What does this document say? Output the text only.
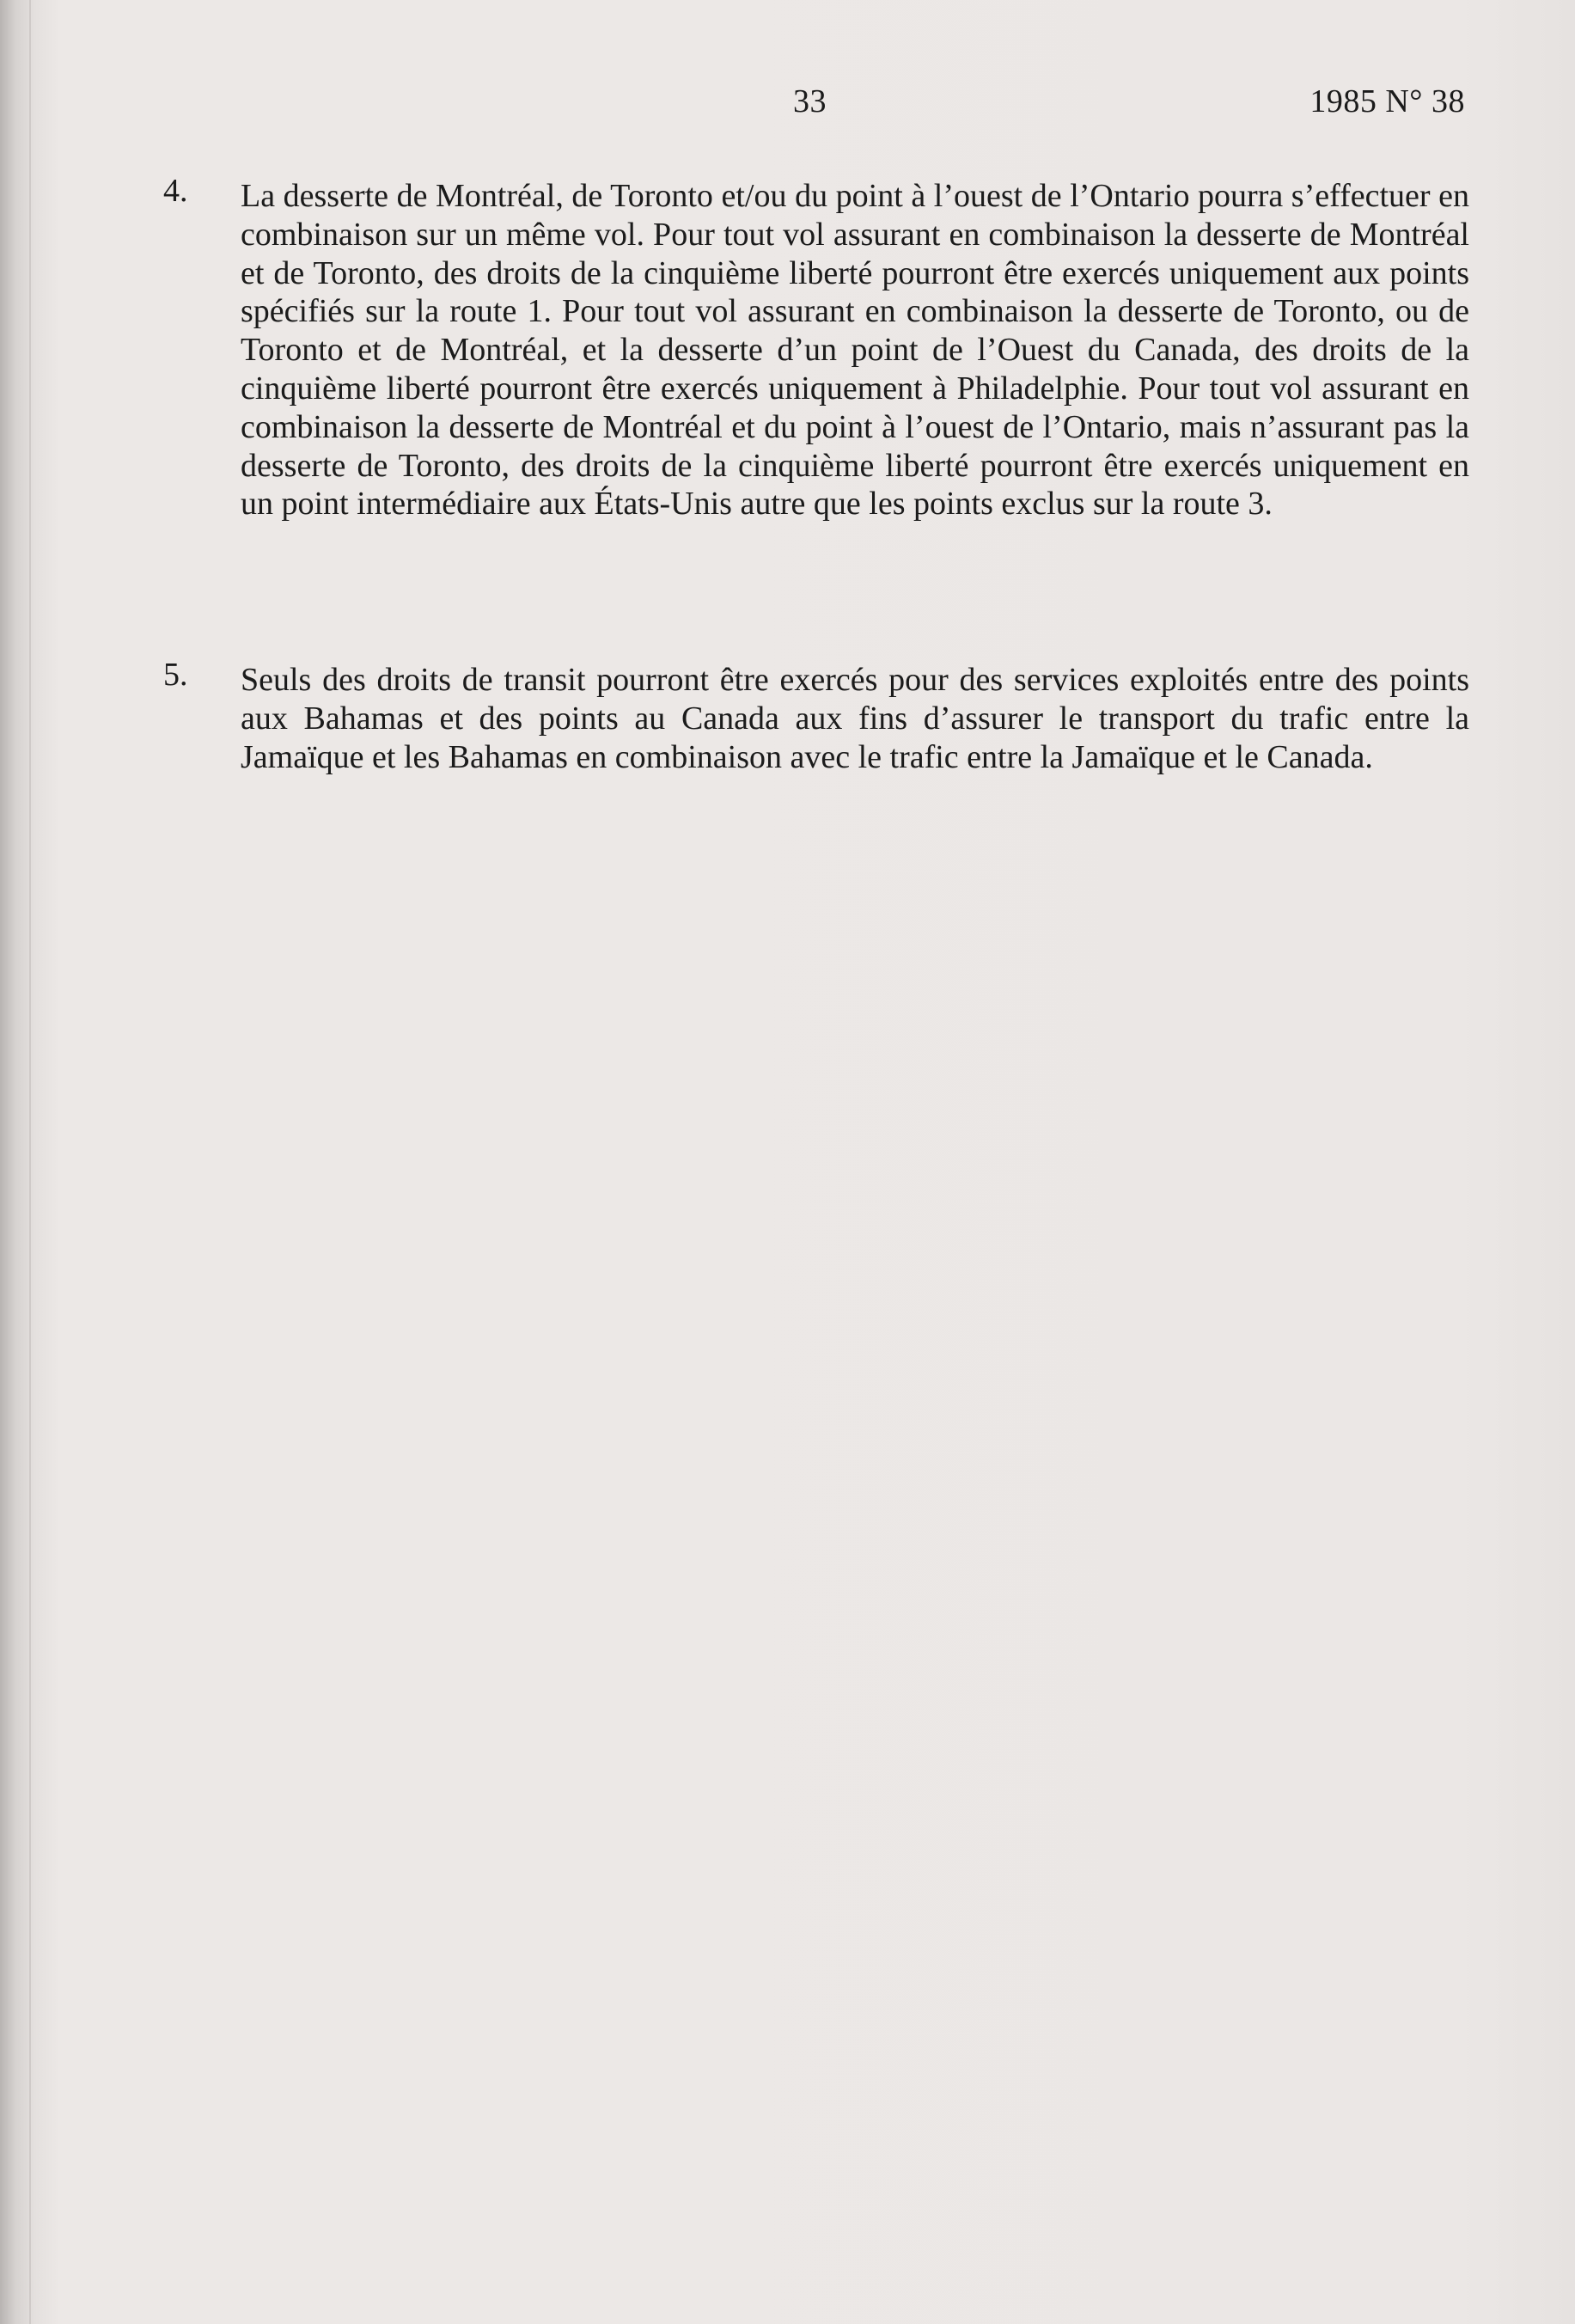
33	1985 N° 38
4.	La desserte de Montréal, de Toronto et/ou du point à l’ouest de l’Ontario pourra s’effectuer en combinaison sur un même vol. Pour tout vol assurant en combinaison la desserte de Montréal et de Toronto, des droits de la cinquième liberté pourront être exercés uniquement aux points spécifiés sur la route 1. Pour tout vol assurant en combinaison la desserte de Toronto, ou de Toronto et de Montréal, et la desserte d’un point de l’Ouest du Canada, des droits de la cinquième liberté pourront être exercés uniquement à Philadelphie. Pour tout vol assurant en combinaison la desserte de Montréal et du point à l’ouest de l’Ontario, mais n’assurant pas la desserte de Toronto, des droits de la cinquième liberté pourront être exercés uniquement en un point intermédiaire aux États-Unis autre que les points exclus sur la route 3.
5.	Seuls des droits de transit pourront être exercés pour des services exploités entre des points aux Bahamas et des points au Canada aux fins d’assurer le transport du trafic entre la Jamaïque et les Bahamas en combinaison avec le trafic entre la Jamaïque et le Canada.
